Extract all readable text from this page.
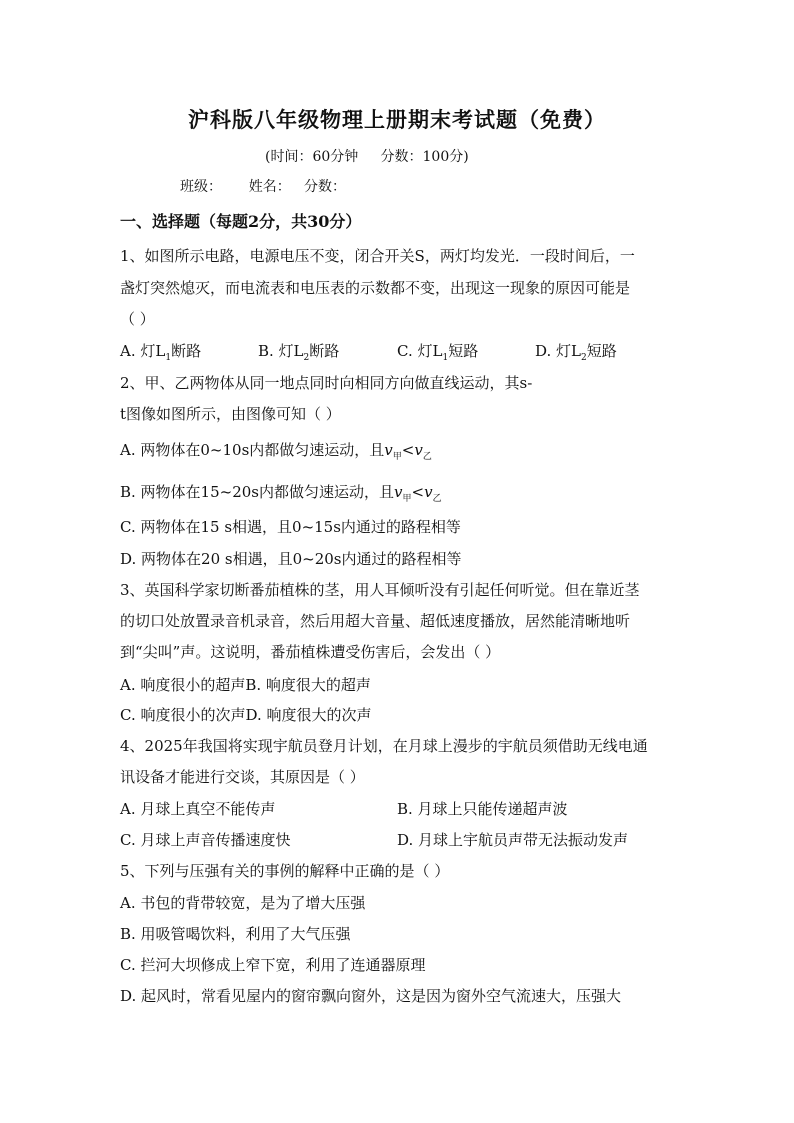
沪科版八年级物理上册期末考试题（免费）
(时间：60分钟     分数：100分)
班级：      姓名：   分数：
一、选择题（每题2分，共30分）
1、如图所示电路，电源电压不变，闭合开关S，两灯均发光．一段时间后，一
盏灯突然熄灭，而电流表和电压表的示数都不变，出现这一现象的原因可能是
（ ）
A. 灯$L_1$断路	B. 灯$L_2$断路	C. 灯$L_1$短路	D. 灯$L_2$短路
2、甲、乙两物体从同一地点同时向相同方向做直线运动，其s-
t图像如图所示，由图像可知（ ）
A. 两物体在0~10s内都做匀速运动，且$v_甲<v_乙$
B. 两物体在15~20s内都做匀速运动，且$v_甲<v_乙$
C. 两物体在15 s相遇，且0~15s内通过的路程相等
D. 两物体在20 s相遇，且0~20s内通过的路程相等
3、英国科学家切断番茄植株的茎，用人耳倾听没有引起任何听觉。但在靠近茎
的切口处放置录音机录音，然后用超大音量、超低速度播放，居然能清晰地听
到“尖叫”声。这说明，番茄植株遭受伤害后，会发出（ ）
A. 响度很小的超声B. 响度很大的超声
C. 响度很小的次声D. 响度很大的次声
4、2025年我国将实现宇航员登月计划，在月球上漫步的宇航员须借助无线电通
讯设备才能进行交谈，其原因是（ ）
A. 月球上真空不能传声	B. 月球上只能传递超声波
C. 月球上声音传播速度快	D. 月球上宇航员声带无法振动发声
5、下列与压强有关的事例的解释中正确的是（ ）
A. 书包的背带较宽，是为了增大压强
B. 用吸管喝饮料，利用了大气压强
C. 拦河大坝修成上窄下宽，利用了连通器原理
D. 起风时，常看见屋内的窗帘飘向窗外，这是因为窗外空气流速大，压强大
